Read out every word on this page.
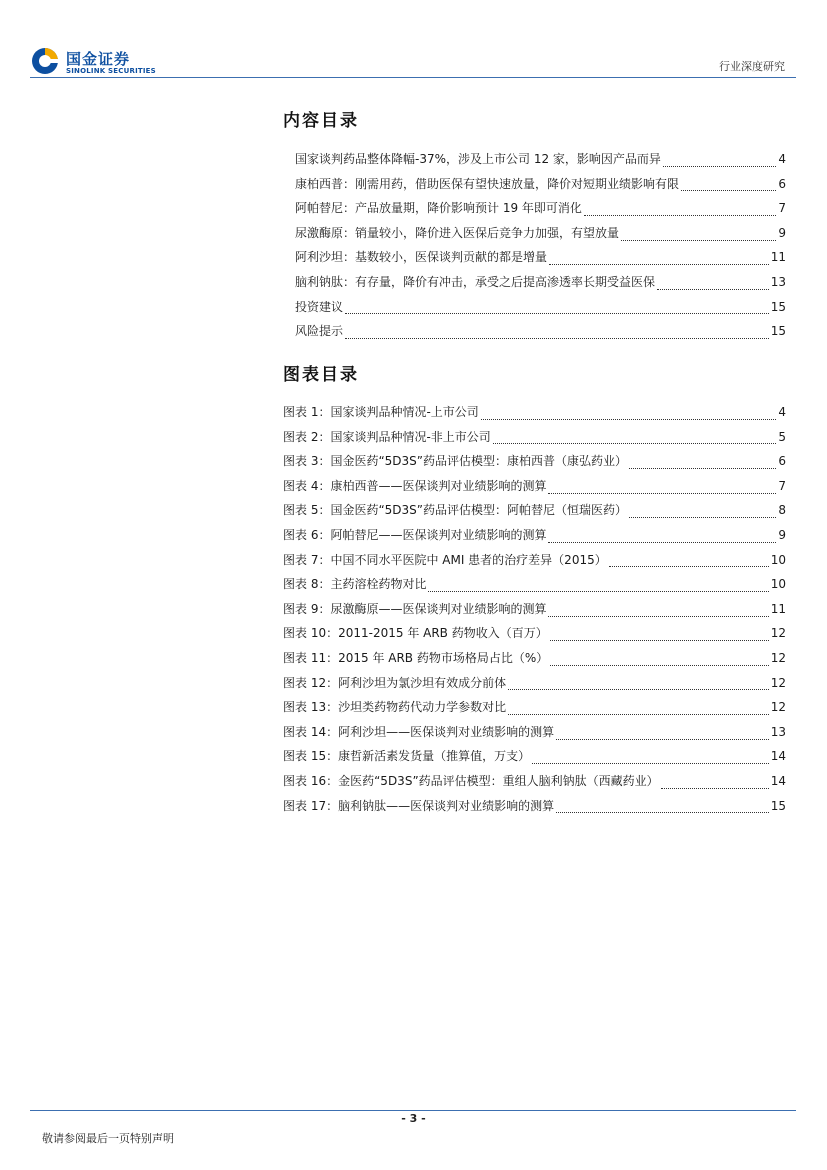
国金证券
SINOLINK SECURITIES	行业深度研究
内容目录
国家谈判药品整体降幅-37%，涉及上市公司 12 家，影响因产品而异	4
康柏西普：刚需用药，借助医保有望快速放量，降价对短期业绩影响有限	6
阿帕替尼：产品放量期，降价影响预计 19 年即可消化	7
尿激酶原：销量较小，降价进入医保后竞争力加强，有望放量	9
阿利沙坦：基数较小，医保谈判贡献的都是增量	11
脑利钠肽：有存量，降价有冲击，承受之后提高渗透率长期受益医保	13
投资建议	15
风险提示	15
图表目录
图表 1： 国家谈判品种情况-上市公司	4
图表 2： 国家谈判品种情况-非上市公司	5
图表 3： 国金医药“5D3S”药品评估模型：康柏西普（康弘药业）	6
图表 4： 康柏西普——医保谈判对业绩影响的测算	7
图表 5： 国金医药“5D3S”药品评估模型：阿帕替尼（恒瑞医药）	8
图表 6： 阿帕替尼——医保谈判对业绩影响的测算	9
图表 7： 中国不同水平医院中 AMI 患者的治疗差异（2015）	10
图表 8： 主药溶栓药物对比	10
图表 9： 尿激酶原——医保谈判对业绩影响的测算	11
图表 10： 2011-2015 年 ARB 药物收入（百万）	12
图表 11： 2015 年 ARB 药物市场格局占比（%）	12
图表 12： 阿利沙坦为氯沙坦有效成分前体	12
图表 13： 沙坦类药物药代动力学参数对比	12
图表 14： 阿利沙坦——医保谈判对业绩影响的测算	13
图表 15： 康哲新活素发货量（推算值，万支）	14
图表 16： 金医药“5D3S”药品评估模型：重组人脑利钠肽（西藏药业）	14
图表 17： 脑利钠肽——医保谈判对业绩影响的测算	15
- 3 -
敬请参阅最后一页特别声明
